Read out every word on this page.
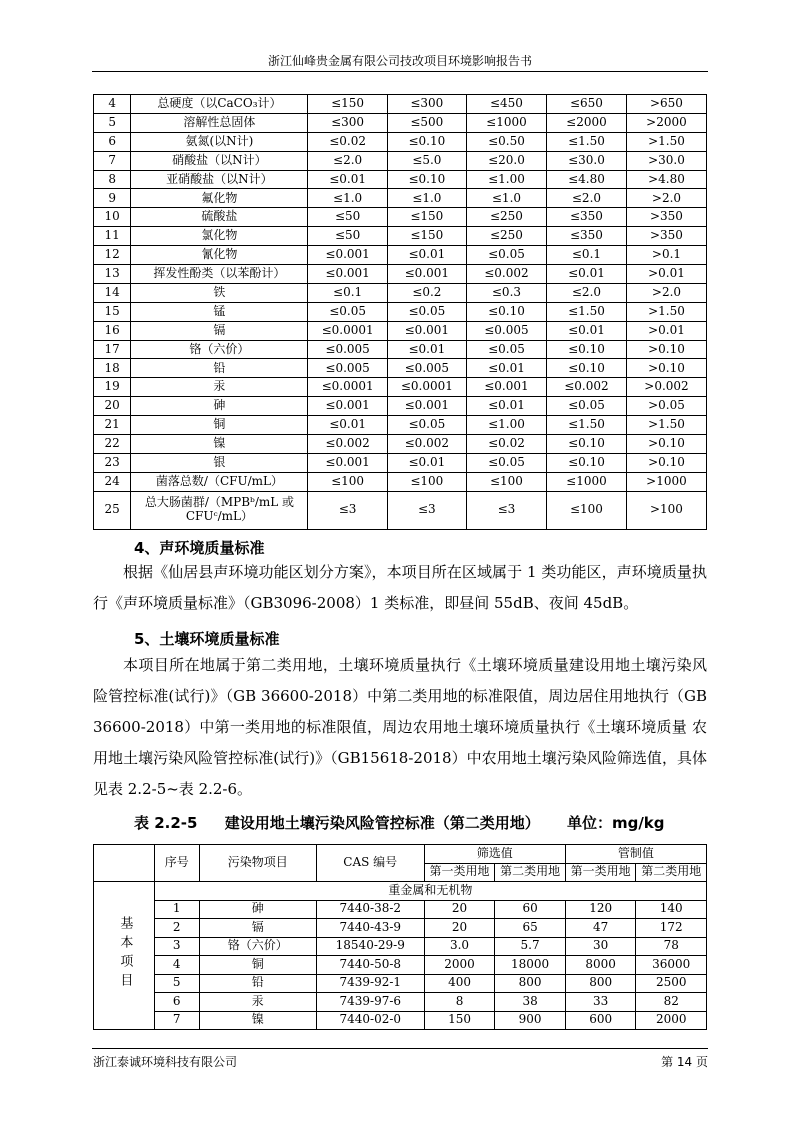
浙江仙峰贵金属有限公司技改项目环境影响报告书
4	总硬度（以CaCO₃计）	≤150	≤300	≤450	≤650	>650
5	溶解性总固体	≤300	≤500	≤1000	≤2000	>2000
6	氨氮(以N计)	≤0.02	≤0.10	≤0.50	≤1.50	>1.50
7	硝酸盐（以N计）	≤2.0	≤5.0	≤20.0	≤30.0	>30.0
8	亚硝酸盐（以N计）	≤0.01	≤0.10	≤1.00	≤4.80	>4.80
9	氟化物	≤1.0	≤1.0	≤1.0	≤2.0	>2.0
10	硫酸盐	≤50	≤150	≤250	≤350	>350
11	氯化物	≤50	≤150	≤250	≤350	>350
12	氰化物	≤0.001	≤0.01	≤0.05	≤0.1	>0.1
13	挥发性酚类（以苯酚计）	≤0.001	≤0.001	≤0.002	≤0.01	>0.01
14	铁	≤0.1	≤0.2	≤0.3	≤2.0	>2.0
15	锰	≤0.05	≤0.05	≤0.10	≤1.50	>1.50
16	镉	≤0.0001	≤0.001	≤0.005	≤0.01	>0.01
17	铬（六价）	≤0.005	≤0.01	≤0.05	≤0.10	>0.10
18	铅	≤0.005	≤0.005	≤0.01	≤0.10	>0.10
19	汞	≤0.0001	≤0.0001	≤0.001	≤0.002	>0.002
20	砷	≤0.001	≤0.001	≤0.01	≤0.05	>0.05
21	铜	≤0.01	≤0.05	≤1.00	≤1.50	>1.50
22	镍	≤0.002	≤0.002	≤0.02	≤0.10	>0.10
23	银	≤0.001	≤0.01	≤0.05	≤0.10	>0.10
24	菌落总数/（CFU/mL）	≤100	≤100	≤100	≤1000	>1000
25	总大肠菌群/（MPBᵇ/mL 或 CFUᶜ/mL）	≤3	≤3	≤3	≤100	>100
4、声环境质量标准
根据《仙居县声环境功能区划分方案》，本项目所在区域属于 1 类功能区，声环境质量执行《声环境质量标准》（GB3096-2008）1 类标准，即昼间 55dB、夜间 45dB。
5、土壤环境质量标准
本项目所在地属于第二类用地，土壤环境质量执行《土壤环境质量建设用地土壤污染风险管控标准(试行)》（GB 36600-2018）中第二类用地的标准限值，周边居住用地执行（GB 36600-2018）中第一类用地的标准限值，周边农用地土壤环境质量执行《土壤环境质量 农用地土壤污染风险管控标准(试行)》（GB15618-2018）中农用地土壤污染风险筛选值，具体见表 2.2-5~表 2.2-6。
表 2.2-5 建设用地土壤污染风险管控标准（第二类用地） 单位：mg/kg
	序号	污染物项目	CAS 编号	筛选值		管制值	
				第一类用地	第二类用地	第一类用地	第二类用地
基本项目	重金属和无机物						
	1	砷	7440-38-2	20	60	120	140
	2	镉	7440-43-9	20	65	47	172
	3	铬（六价）	18540-29-9	3.0	5.7	30	78
	4	铜	7440-50-8	2000	18000	8000	36000
	5	铅	7439-92-1	400	800	800	2500
	6	汞	7439-97-6	8	38	33	82
	7	镍	7440-02-0	150	900	600	2000
浙江泰诚环境科技有限公司	第 14 页
